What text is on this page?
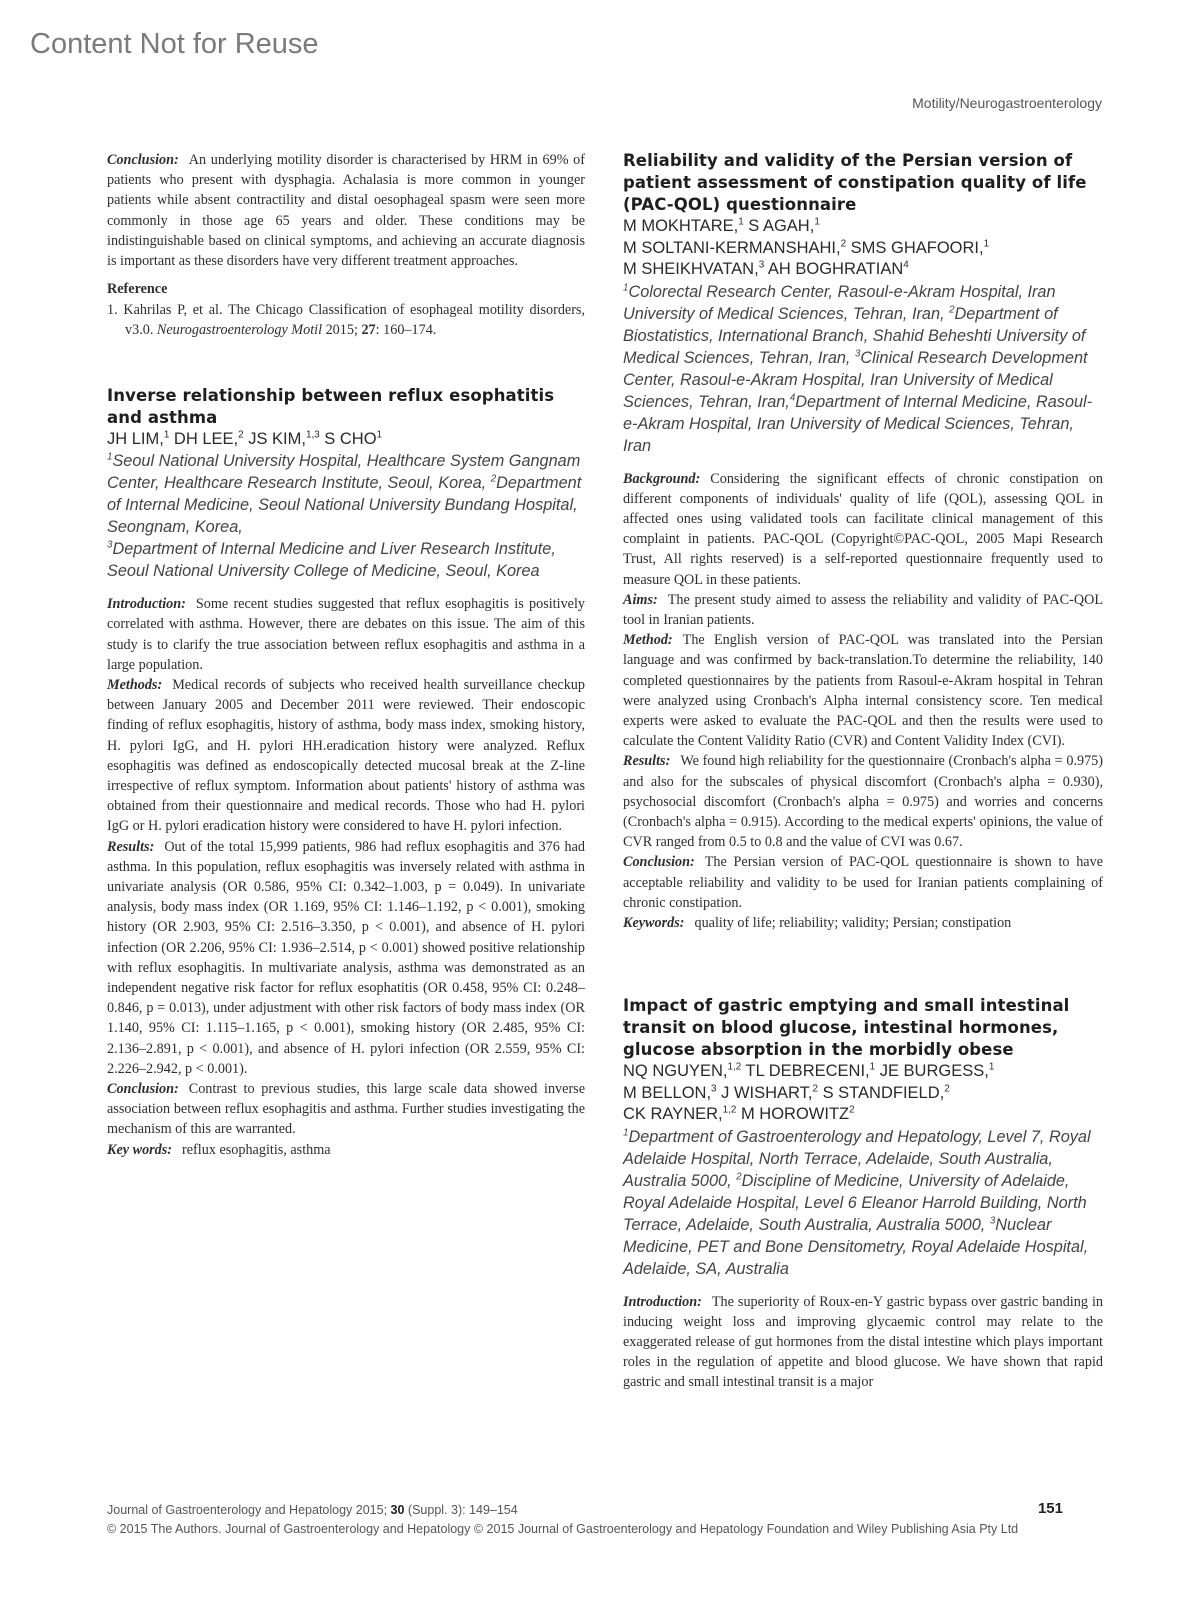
Content Not for Reuse
Motility/Neurogastroenterology

Conclusion: An underlying motility disorder is characterised by HRM in 69% of patients who present with dysphagia. Achalasia is more common in younger patients while absent contractility and distal oesophageal spasm were seen more commonly in those age 65 years and older. These conditions may be indistinguishable based on clinical symptoms, and achieving an accurate diagnosis is important as these disorders have very different treatment approaches.

Reference

1. Kahrilas P, et al. The Chicago Classification of esophageal motility disorders, v3.0. Neurogastroenterology Motil 2015; 27: 160–174.

Inverse relationship between reflux esophatitis and asthma

JH LIM,$^1$ DH LEE,$^2$ JS KIM,$^{1,3}$ S CHO$^1$

$^1$Seoul National University Hospital, Healthcare System Gangnam Center, Healthcare Research Institute, Seoul, Korea, $^2$Department of Internal Medicine, Seoul National University Bundang Hospital, Seongnam, Korea,
$^3$Department of Internal Medicine and Liver Research Institute, Seoul National University College of Medicine, Seoul, Korea

Introduction: Some recent studies suggested that reflux esophagitis is positively correlated with asthma. However, there are debates on this issue. The aim of this study is to clarify the true association between reflux esophagitis and asthma in a large population.

Methods: Medical records of subjects who received health surveillance checkup between January 2005 and December 2011 were reviewed. Their endoscopic finding of reflux esophagitis, history of asthma, body mass index, smoking history, H. pylori IgG, and H. pylori HH.eradication history were analyzed. Reflux esophagitis was defined as endoscopically detected mucosal break at the Z-line irrespective of reflux symptom. Information about patients' history of asthma was obtained from their questionnaire and medical records. Those who had H. pylori IgG or H. pylori eradication history were considered to have H. pylori infection.

Results: Out of the total 15,999 patients, 986 had reflux esophagitis and 376 had asthma. In this population, reflux esophagitis was inversely related with asthma in univariate analysis (OR 0.586, 95% CI: 0.342–1.003, p = 0.049). In univariate analysis, body mass index (OR 1.169, 95% CI: 1.146–1.192, p < 0.001), smoking history (OR 2.903, 95% CI: 2.516–3.350, p < 0.001), and absence of H. pylori infection (OR 2.206, 95% CI: 1.936–2.514, p < 0.001) showed positive relationship with reflux esophagitis. In multivariate analysis, asthma was demonstrated as an independent negative risk factor for reflux esophatitis (OR 0.458, 95% CI: 0.248–0.846, p = 0.013), under adjustment with other risk factors of body mass index (OR 1.140, 95% CI: 1.115–1.165, p < 0.001), smoking history (OR 2.485, 95% CI: 2.136–2.891, p < 0.001), and absence of H. pylori infection (OR 2.559, 95% CI: 2.226–2.942, p < 0.001).

Conclusion: Contrast to previous studies, this large scale data showed inverse association between reflux esophagitis and asthma. Further studies investigating the mechanism of this are warranted.

Key words: reflux esophagitis, asthma

Reliability and validity of the Persian version of patient assessment of constipation quality of life (PAC-QOL) questionnaire

M MOKHTARE,$^1$ S AGAH,$^1$
M SOLTANI-KERMANSHAHI,$^2$ SMS GHAFOORI,$^1$
M SHEIKHVATAN,$^3$ AH BOGHRATIAN$^4$

$^1$Colorectal Research Center, Rasoul-e-Akram Hospital, Iran University of Medical Sciences, Tehran, Iran, $^2$Department of Biostatistics, International Branch, Shahid Beheshti University of Medical Sciences, Tehran, Iran, $^3$Clinical Research Development Center, Rasoul-e-Akram Hospital, Iran University of Medical Sciences, Tehran, Iran,$^4$Department of Internal Medicine, Rasoul-e-Akram Hospital, Iran University of Medical Sciences, Tehran, Iran

Background: Considering the significant effects of chronic constipation on different components of individuals' quality of life (QOL), assessing QOL in affected ones using validated tools can facilitate clinical management of this complaint in patients. PAC-QOL (Copyright©PAC-QOL, 2005 Mapi Research Trust, All rights reserved) is a self-reported questionnaire frequently used to measure QOL in these patients.

Aims: The present study aimed to assess the reliability and validity of PAC-QOL tool in Iranian patients.

Method: The English version of PAC-QOL was translated into the Persian language and was confirmed by back-translation.To determine the reliability, 140 completed questionnaires by the patients from Rasoul-e-Akram hospital in Tehran were analyzed using Cronbach's Alpha internal consistency score. Ten medical experts were asked to evaluate the PAC-QOL and then the results were used to calculate the Content Validity Ratio (CVR) and Content Validity Index (CVI).

Results: We found high reliability for the questionnaire (Cronbach's alpha = 0.975) and also for the subscales of physical discomfort (Cronbach's alpha = 0.930), psychosocial discomfort (Cronbach's alpha = 0.975) and worries and concerns (Cronbach's alpha = 0.915). According to the medical experts' opinions, the value of CVR ranged from 0.5 to 0.8 and the value of CVI was 0.67.

Conclusion: The Persian version of PAC-QOL questionnaire is shown to have acceptable reliability and validity to be used for Iranian patients complaining of chronic constipation.

Keywords: quality of life; reliability; validity; Persian; constipation

Impact of gastric emptying and small intestinal transit on blood glucose, intestinal hormones, glucose absorption in the morbidly obese

NQ NGUYEN,$^{1,2}$ TL DEBRECENI,$^1$ JE BURGESS,$^1$
M BELLON,$^3$ J WISHART,$^2$ S STANDFIELD,$^2$
CK RAYNER,$^{1,2}$ M HOROWITZ$^2$

$^1$Department of Gastroenterology and Hepatology, Level 7, Royal Adelaide Hospital, North Terrace, Adelaide, South Australia, Australia 5000, $^2$Discipline of Medicine, University of Adelaide, Royal Adelaide Hospital, Level 6 Eleanor Harrold Building, North Terrace, Adelaide, South Australia, Australia 5000, $^3$Nuclear Medicine, PET and Bone Densitometry, Royal Adelaide Hospital, Adelaide, SA, Australia

Introduction: The superiority of Roux-en-Y gastric bypass over gastric banding in inducing weight loss and improving glycaemic control may relate to the exaggerated release of gut hormones from the distal intestine which plays important roles in the regulation of appetite and blood glucose. We have shown that rapid gastric and small intestinal transit is a major

Journal of Gastroenterology and Hepatology 2015; 30 (Suppl. 3): 149–154
© 2015 The Authors. Journal of Gastroenterology and Hepatology © 2015 Journal of Gastroenterology and Hepatology Foundation and Wiley Publishing Asia Pty Ltd
151
